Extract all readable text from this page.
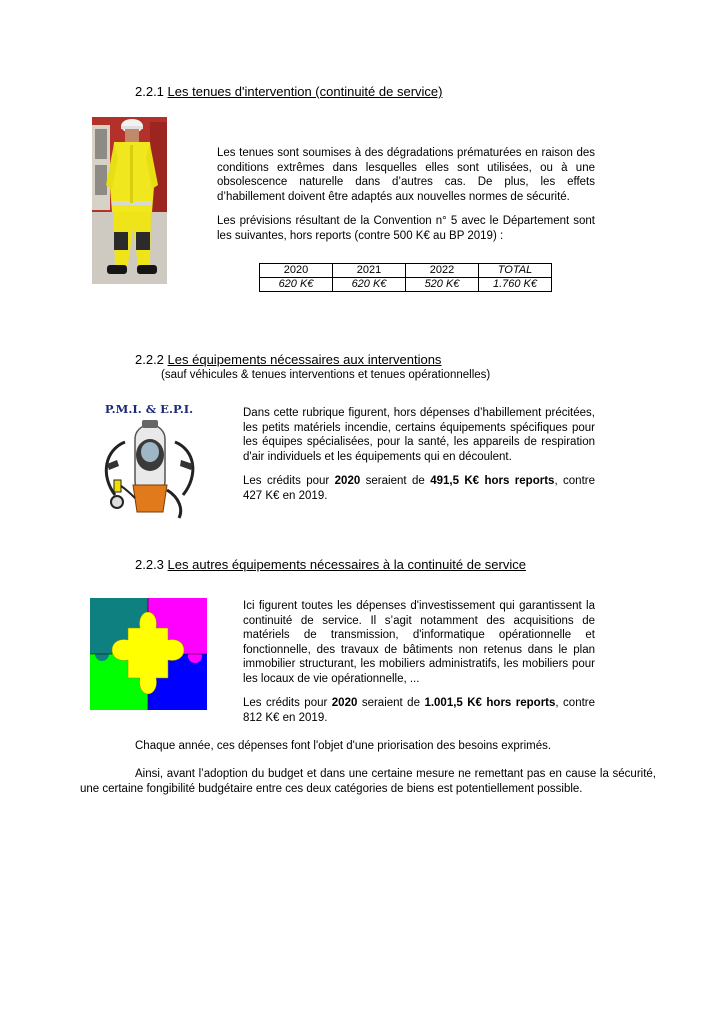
2.2.1 Les tenues d'intervention (continuité de service)

Les tenues sont soumises à des dégradations prématurées en raison des conditions extrêmes dans lesquelles elles sont utilisées, ou à une obsolescence naturelle dans d’autres cas. De plus, les effets d’habillement doivent être adaptés aux nouvelles normes de sécurité.

Les prévisions résultant de la Convention n° 5 avec le Département sont les suivantes, hors reports (contre 500 K€ au BP 2019) :

2020	2021	2022	TOTAL
620 K€	620 K€	520 K€	1.760 K€
2.2.2 Les équipements nécessaires aux interventions
(sauf véhicules & tenues interventions et tenues opérationnelles)
P.M.I. & E.P.I.	Dans cette rubrique figurent, hors dépenses d’habillement précitées, les petits matériels incendie, certains équipements spécifiques pour les équipes spécialisées, pour la santé, les appareils de respiration d'air individuels et les équipements qui en découlent.

Les crédits pour 2020 seraient de 491,5 K€ hors reports, contre 427 K€ en 2019.

2.2.3 Les autres équipements nécessaires à la continuité de service

Ici figurent toutes les dépenses d'investissement qui garantissent la continuité de service. Il s’agit notamment des acquisitions de matériels de transmission, d'informatique opérationnelle et fonctionnelle, des travaux de bâtiments non retenus dans le plan immobilier structurant, les mobiliers administratifs, les mobiliers pour les locaux de vie opérationnelle, ...

Les crédits pour 2020 seraient de 1.001,5 K€ hors reports, contre 812 K€ en 2019.

Chaque année, ces dépenses font l'objet d'une priorisation des besoins exprimés.
Ainsi, avant l’adoption du budget et dans une certaine mesure ne remettant pas en cause la sécurité, une certaine fongibilité budgétaire entre ces deux catégories de biens est potentiellement possible.
